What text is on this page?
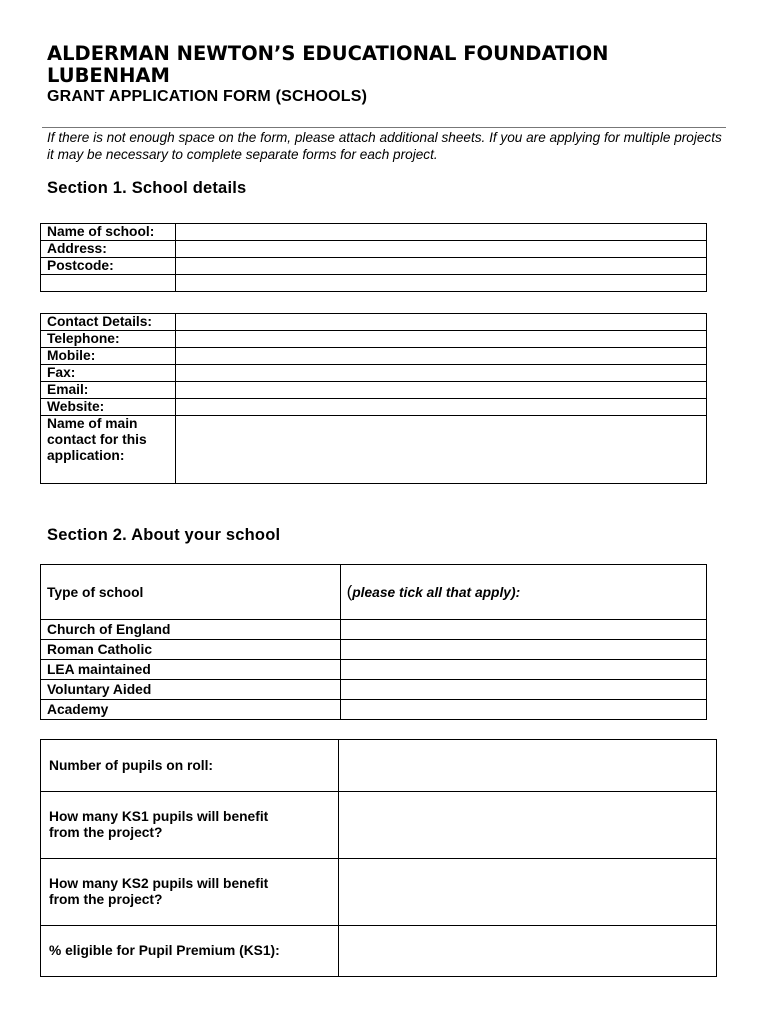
ALDERMAN NEWTON’S EDUCATIONAL FOUNDATION
LUBENHAM
GRANT APPLICATION FORM (SCHOOLS)

If there is not enough space on the form, please attach additional sheets. If you are applying for multiple projects it may be necessary to complete separate forms for each project.

Section 1. School details
Name of school:	
Address:	
Postcode:	

Contact Details:	
Telephone:	
Mobile:	
Fax:	
Email:	
Website:	
Name of main
contact for this
application:	
Section 2. About your school
Type of school	(please tick all that apply):
Church of England	
Roman Catholic	
LEA maintained	
Voluntary Aided	
Academy	
Number of pupils on roll:	
How many KS1 pupils will benefit
from the project?	
How many KS2 pupils will benefit
from the project?	
% eligible for Pupil Premium (KS1):	
